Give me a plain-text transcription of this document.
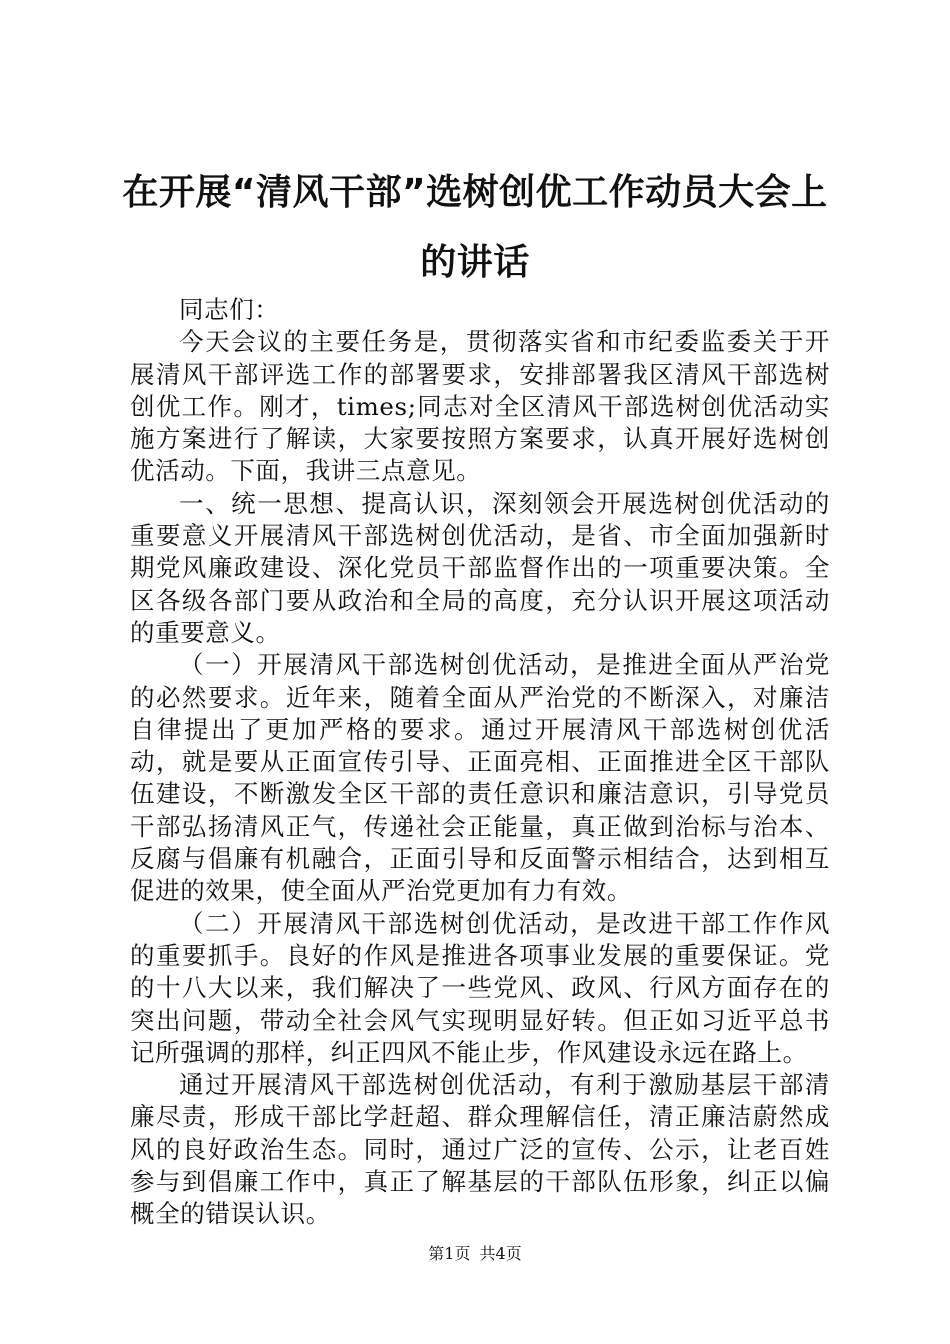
在开展“清风干部”选树创优工作动员大会上的讲话

同志们：

今天会议的主要任务是，贯彻落实省和市纪委监委关于开展清风干部评选工作的部署要求，安排部署我区清风干部选树创优工作。刚才，times;同志对全区清风干部选树创优活动实施方案进行了解读，大家要按照方案要求，认真开展好选树创优活动。下面，我讲三点意见。

一、统一思想、提高认识，深刻领会开展选树创优活动的重要意义开展清风干部选树创优活动，是省、市全面加强新时期党风廉政建设、深化党员干部监督作出的一项重要决策。全区各级各部门要从政治和全局的高度，充分认识开展这项活动的重要意义。

（一）开展清风干部选树创优活动，是推进全面从严治党的必然要求。近年来，随着全面从严治党的不断深入，对廉洁自律提出了更加严格的要求。通过开展清风干部选树创优活动，就是要从正面宣传引导、正面亮相、正面推进全区干部队伍建设，不断激发全区干部的责任意识和廉洁意识，引导党员干部弘扬清风正气，传递社会正能量，真正做到治标与治本、反腐与倡廉有机融合，正面引导和反面警示相结合，达到相互促进的效果，使全面从严治党更加有力有效。

（二）开展清风干部选树创优活动，是改进干部工作作风的重要抓手。良好的作风是推进各项事业发展的重要保证。党的十八大以来，我们解决了一些党风、政风、行风方面存在的突出问题，带动全社会风气实现明显好转。但正如习近平总书记所强调的那样，纠正四风不能止步，作风建设永远在路上。

通过开展清风干部选树创优活动，有利于激励基层干部清廉尽责，形成干部比学赶超、群众理解信任，清正廉洁蔚然成风的良好政治生态。同时，通过广泛的宣传、公示，让老百姓参与到倡廉工作中，真正了解基层的干部队伍形象，纠正以偏概全的错误认识。

第1页 共4页
